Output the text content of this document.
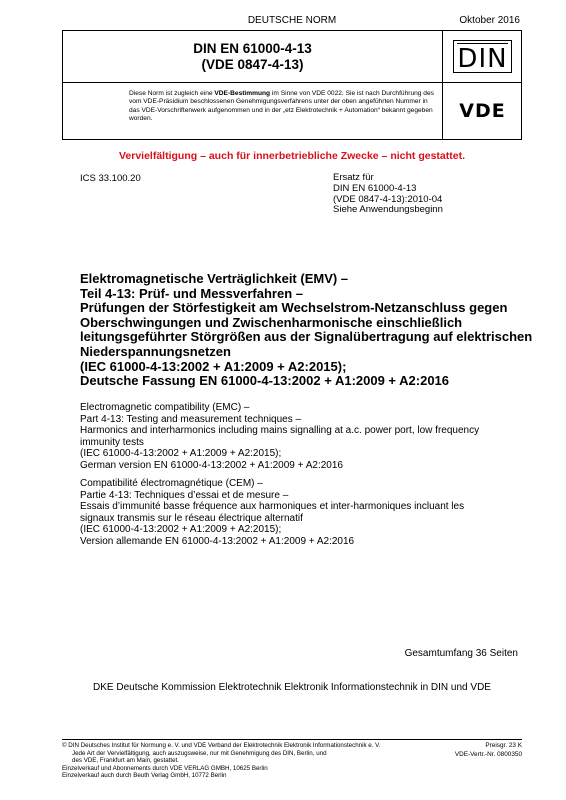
DEUTSCHE NORM	Oktober 2016
DIN EN 61000-4-13
(VDE 0847-4-13)	DIN
Diese Norm ist zugleich eine VDE-Bestimmung im Sinne von VDE 0022. Sie ist nach Durchführung des vom VDE-Präsidium beschlossenen Genehmigungsverfahrens unter der oben angeführten Nummer in das VDE-Vorschriftenwerk aufgenommen und in der „etz Elektrotechnik + Automation“ bekannt gegeben worden.	VDE
Vervielfältigung – auch für innerbetriebliche Zwecke – nicht gestattet.
ICS 33.100.20	Ersatz für
DIN EN 61000-4-13
(VDE 0847-4-13):2010-04
Siehe Anwendungsbeginn
Elektromagnetische Verträglichkeit (EMV) –
Teil 4-13: Prüf- und Messverfahren –
Prüfungen der Störfestigkeit am Wechselstrom-Netzanschluss gegen
Oberschwingungen und Zwischenharmonische einschließlich
leitungsgeführter Störgrößen aus der Signalübertragung auf elektrischen
Niederspannungsnetzen
(IEC 61000-4-13:2002 + A1:2009 + A2:2015);
Deutsche Fassung EN 61000-4-13:2002 + A1:2009 + A2:2016
Electromagnetic compatibility (EMC) –
Part 4-13: Testing and measurement techniques –
Harmonics and interharmonics including mains signalling at a.c. power port, low frequency
immunity tests
(IEC 61000-4-13:2002 + A1:2009 + A2:2015);
German version EN 61000-4-13:2002 + A1:2009 + A2:2016
Compatibilité électromagnétique (CEM) –
Partie 4-13: Techniques d’essai et de mesure –
Essais d’immunité basse fréquence aux harmoniques et inter-harmoniques incluant les
signaux transmis sur le réseau électrique alternatif
(IEC 61000-4-13:2002 + A1:2009 + A2:2015);
Version allemande EN 61000-4-13:2002 + A1:2009 + A2:2016
Gesamtumfang 36 Seiten
DKE Deutsche Kommission Elektrotechnik Elektronik Informationstechnik in DIN und VDE
© DIN Deutsches Institut für Normung e. V. und VDE Verband der Elektrotechnik Elektronik Informationstechnik e. V.
Jede Art der Vervielfältigung, auch auszugsweise, nur mit Genehmigung des DIN, Berlin, und
des VDE, Frankfurt am Main, gestattet.
Einzelverkauf und Abonnements durch VDE VERLAG GMBH, 10625 Berlin
Einzelverkauf auch durch Beuth Verlag GmbH, 10772 Berlin
Preisgr. 23 K
VDE-Vertr.-Nr. 0800350
